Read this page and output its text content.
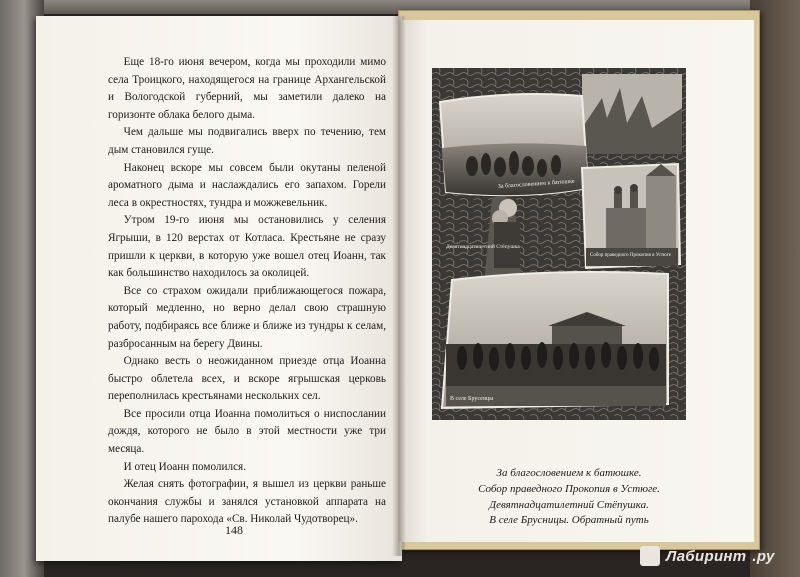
Еще 18-го июня вечером, когда мы проходили мимо села Троицкого, находящегося на границе Архангельской и Вологодской губерний, мы заметили далеко на горизонте облака белого дыма.

Чем дальше мы подвигались вверх по течению, тем дым становился гуще.

Наконец вскоре мы совсем были окутаны пеленой ароматного дыма и наслаждались его запахом. Горели леса в окрестностях, тундра и можжевельник.

Утром 19-го июня мы остановились у селения Ягрыши, в 120 верстах от Котласа. Крестьяне не сразу пришли к церкви, в которую уже вошел отец Иоанн, так как большинство находилось за околицей.

Все со страхом ожидали приближающегося пожара, который медленно, но верно делал свою страшную работу, подбираясь все ближе и ближе из тундры к селам, разбросанным на берегу Двины.

Однако весть о неожиданном приезде отца Иоанна быстро облетела всех, и вскоре ягрышская церковь переполнилась крестьянами нескольких сел.

Все просили отца Иоанна помолиться о ниспослании дождя, которого не было в этой местности уже три месяца.

И отец Иоанн помолился.

Желая снять фотографии, я вышел из церкви раньше окончания службы и занялся установкой аппарата на палубе нашего парохода «Св. Николай Чудотворец».

148
За благословением к батюшке
Собор праведного Прокопия в Устюге
Девятнадцатилетний Стёпушка
В селе Брусенцы
За благословением к батюшке.
Собор праведного Прокопия в Устюге.
Девятнадцатилетний Стёпушка.
В селе Брусницы. Обратный путь
Лабиринт .ру
